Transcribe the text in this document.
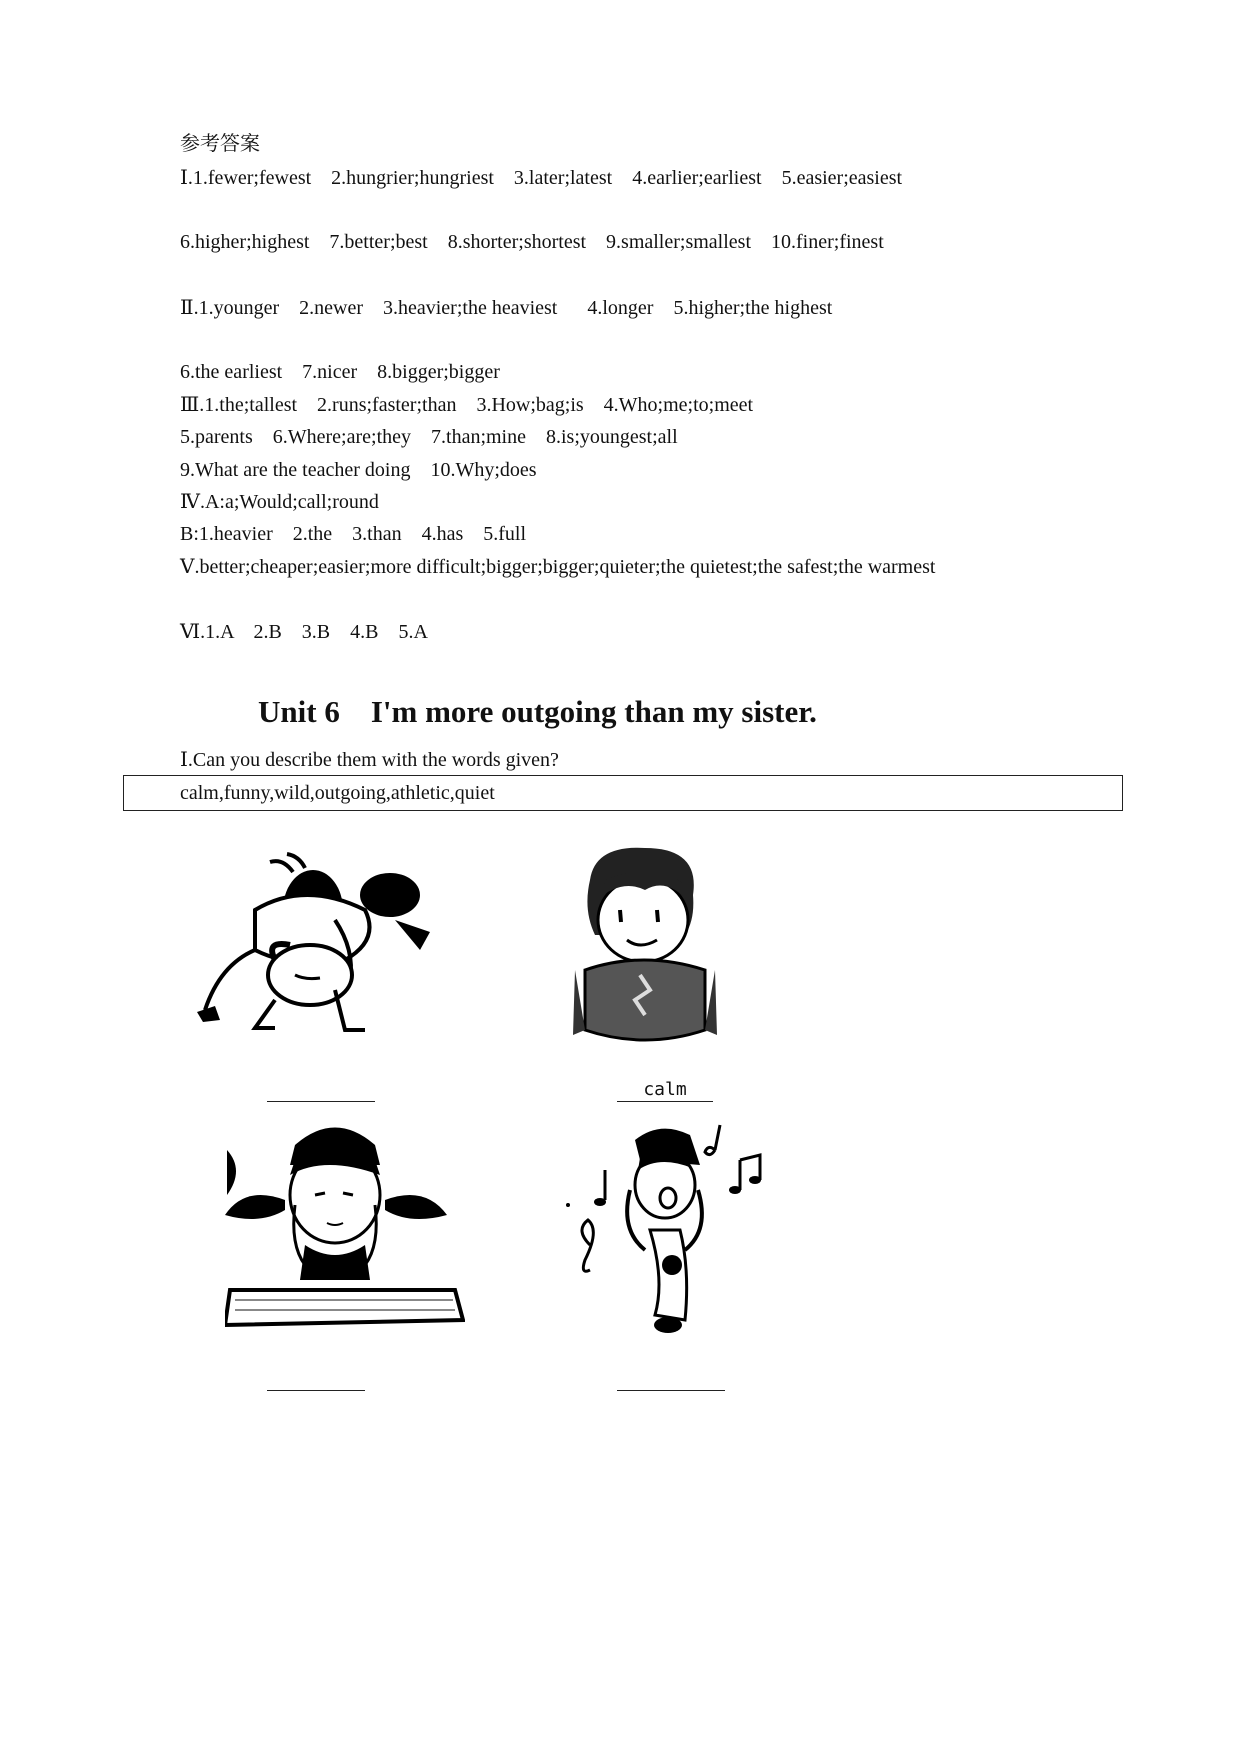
参考答案
Ⅰ.1.fewer;fewest    2.hungrier;hungriest    3.later;latest    4.earlier;earliest    5.easier;easiest
6.higher;highest    7.better;best    8.shorter;shortest    9.smaller;smallest    10.finer;finest
Ⅱ.1.younger    2.newer    3.heavier;the heaviest      4.longer    5.higher;the highest
6.the earliest    7.nicer    8.bigger;bigger
Ⅲ.1.the;tallest    2.runs;faster;than    3.How;bag;is    4.Who;me;to;meet
5.parents    6.Where;are;they    7.than;mine    8.is;youngest;all
9.What are the teacher doing    10.Why;does
Ⅳ.A:a;Would;call;round
B:1.heavier    2.the    3.than    4.has    5.full
Ⅴ.better;cheaper;easier;more difficult;bigger;bigger;quieter;the quietest;the safest;the warmest
Ⅵ.1.A    2.B    3.B    4.B    5.A
Unit 6    I'm more outgoing than my sister.
Ⅰ.Can you describe them with the words given?
calm,funny,wild,outgoing,athletic,quiet
calm
